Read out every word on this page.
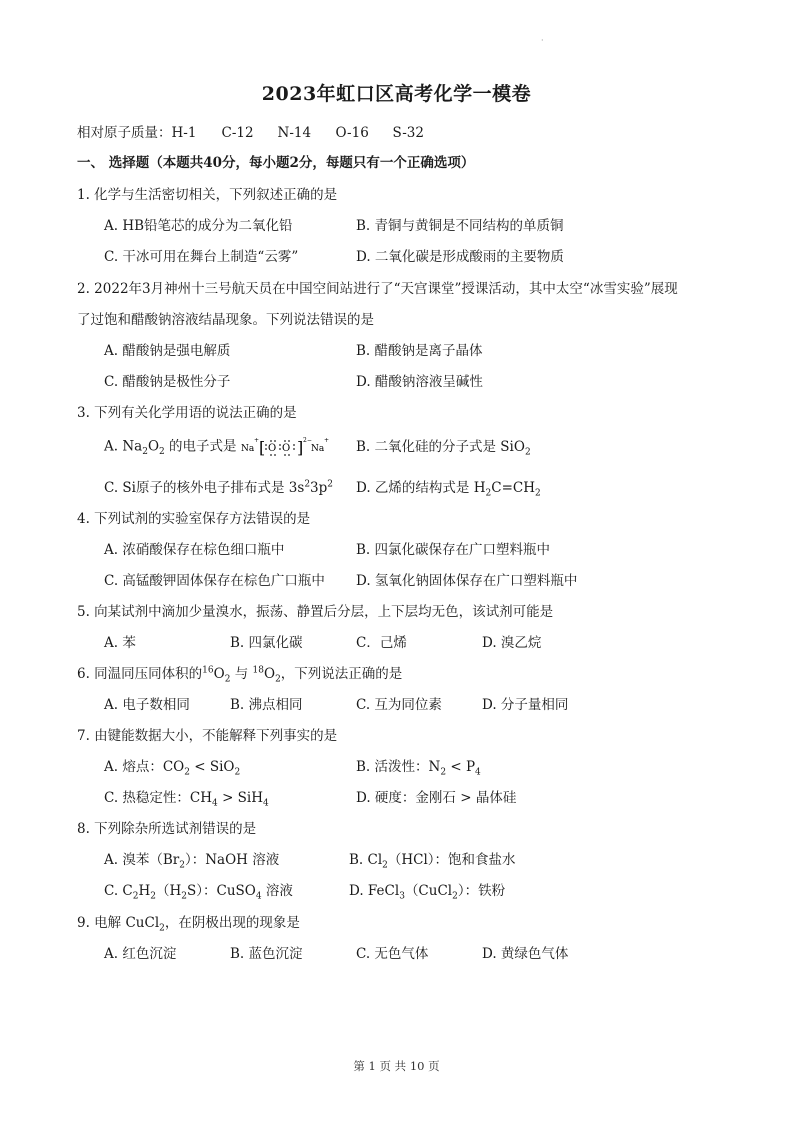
·
2023年虹口区高考化学一模卷
相对原子质量：H-1 C-12 N-14 O-16 S-32
一、 选择题（本题共40分，每小题2分，每题只有一个正确选项）
1. 化学与生活密切相关，下列叙述正确的是
A. HB铅笔芯的成分为二氧化铅	B. 青铜与黄铜是不同结构的单质铜
C. 干冰可用在舞台上制造“云雾”	D. 二氧化碳是形成酸雨的主要物质
2. 2022年3月神州十三号航天员在中国空间站进行了“天宫课堂”授课活动，其中太空“冰雪实验”展现
了过饱和醋酸钠溶液结晶现象。下列说法错误的是
A. 醋酸钠是强电解质	B. 醋酸钠是离子晶体
C. 醋酸钠是极性分子	D. 醋酸钠溶液呈碱性
3. 下列有关化学用语的说法正确的是
A. $Na_2O_2$ 的电子式是 Na
+ [ O O ] 2−
Na
+ B. 二氧化硅的分子式是 SiO$_2$
C. Si原子的核外电子排布式是 $3s^23p^2$ D. 乙烯的结构式是 $H_2C=CH_2$
4. 下列试剂的实验室保存方法错误的是
A. 浓硝酸保存在棕色细口瓶中	B. 四氯化碳保存在广口塑料瓶中
C. 高锰酸钾固体保存在棕色广口瓶中 D. 氢氧化钠固体保存在广口塑料瓶中
5. 向某试剂中滴加少量溴水，振荡、静置后分层，上下层均无色，该试剂可能是
A. 苯	B. 四氯化碳	C．己烯	D. 溴乙烷
6. 同温同压同体积的$^{16}O_2$ 与 $^{18}O_2$，下列说法正确的是
A. 电子数相同	B. 沸点相同	C. 互为同位素	D. 分子量相同
7. 由键能数据大小，不能解释下列事实的是
A. 熔点：$CO_2 < SiO_2$	B. 活泼性：$N_2 < P_4$
C. 热稳定性：$CH_4 > SiH_4$	D. 硬度：金刚石 > 晶体硅
8. 下列除杂所选试剂错误的是
A. 溴苯$(Br_2)$：NaOH 溶液	B. $Cl_2(HCl)$：饱和食盐水
C. $C_2H_2(H_2S)$：CuSO$_4$ 溶液	D. FeCl$_3$（CuCl$_2$）：铁粉
9. 电解 CuCl$_2$，在阴极出现的现象是
A. 红色沉淀	B. 蓝色沉淀	C. 无色气体	D. 黄绿色气体
第 1 页 共 10 页
